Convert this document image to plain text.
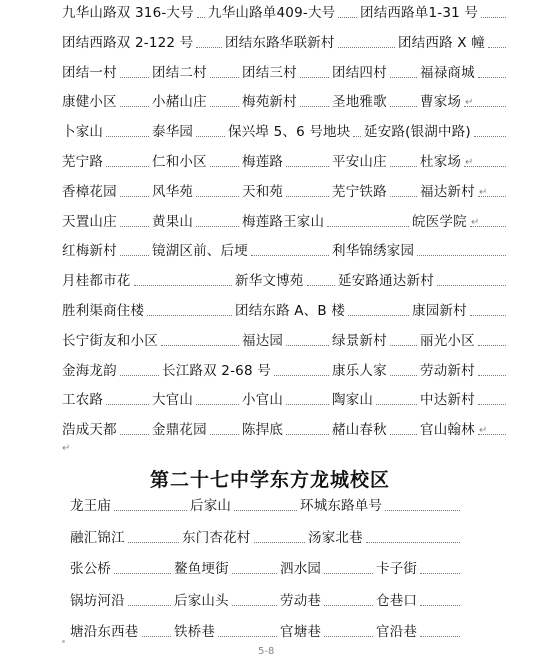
九华山路双 316-大号 九华山路单409-大号 团结西路单1-31 号
团结西路双 2-122 号 团结东路华联新村	团结西路 X 幢
团结一村	团结二村	团结三村	团结四村 福禄商城
康健小区	小赭山庄	梅苑新村	圣地雅歌 曹家场 ↵
卜家山	泰华园	保兴埠 5、6 号地块 延安路(银湖中路)
芜宁路	仁和小区	梅莲路	平安山庄 杜家场 ↵
香樟花园	风华苑	天和苑	芜宁铁路 福达新村 ↵
天置山庄	黄果山	梅莲路王家山	皖医学院 ↵
红梅新村	镜湖区前、后埂	利华锦绣家园
月桂都市花	新华文博苑	延安路通达新村
胜利渠商住楼	团结东路 A、B 楼	康园新村
长宁街友和小区	福达园	绿景新村 丽光小区
金海龙韵	长江路双 2-68 号	康乐人家 劳动新村
工农路	大官山	小官山	陶家山	中达新村
浩成天都	金鼎花园	陈捍底	赭山春秋 官山翰林 ↵
↵
第二十七中学东方龙城校区
龙王庙	后家山	环城东路单号
融汇锦江	东门杏花村	汤家北巷
张公桥	鳌鱼埂街	泗水园	卡子街
锅坊河沿	后家山头	劳动巷	仓巷口
塘沿东西巷	铁桥巷	官塘巷	官沿巷
5-8
